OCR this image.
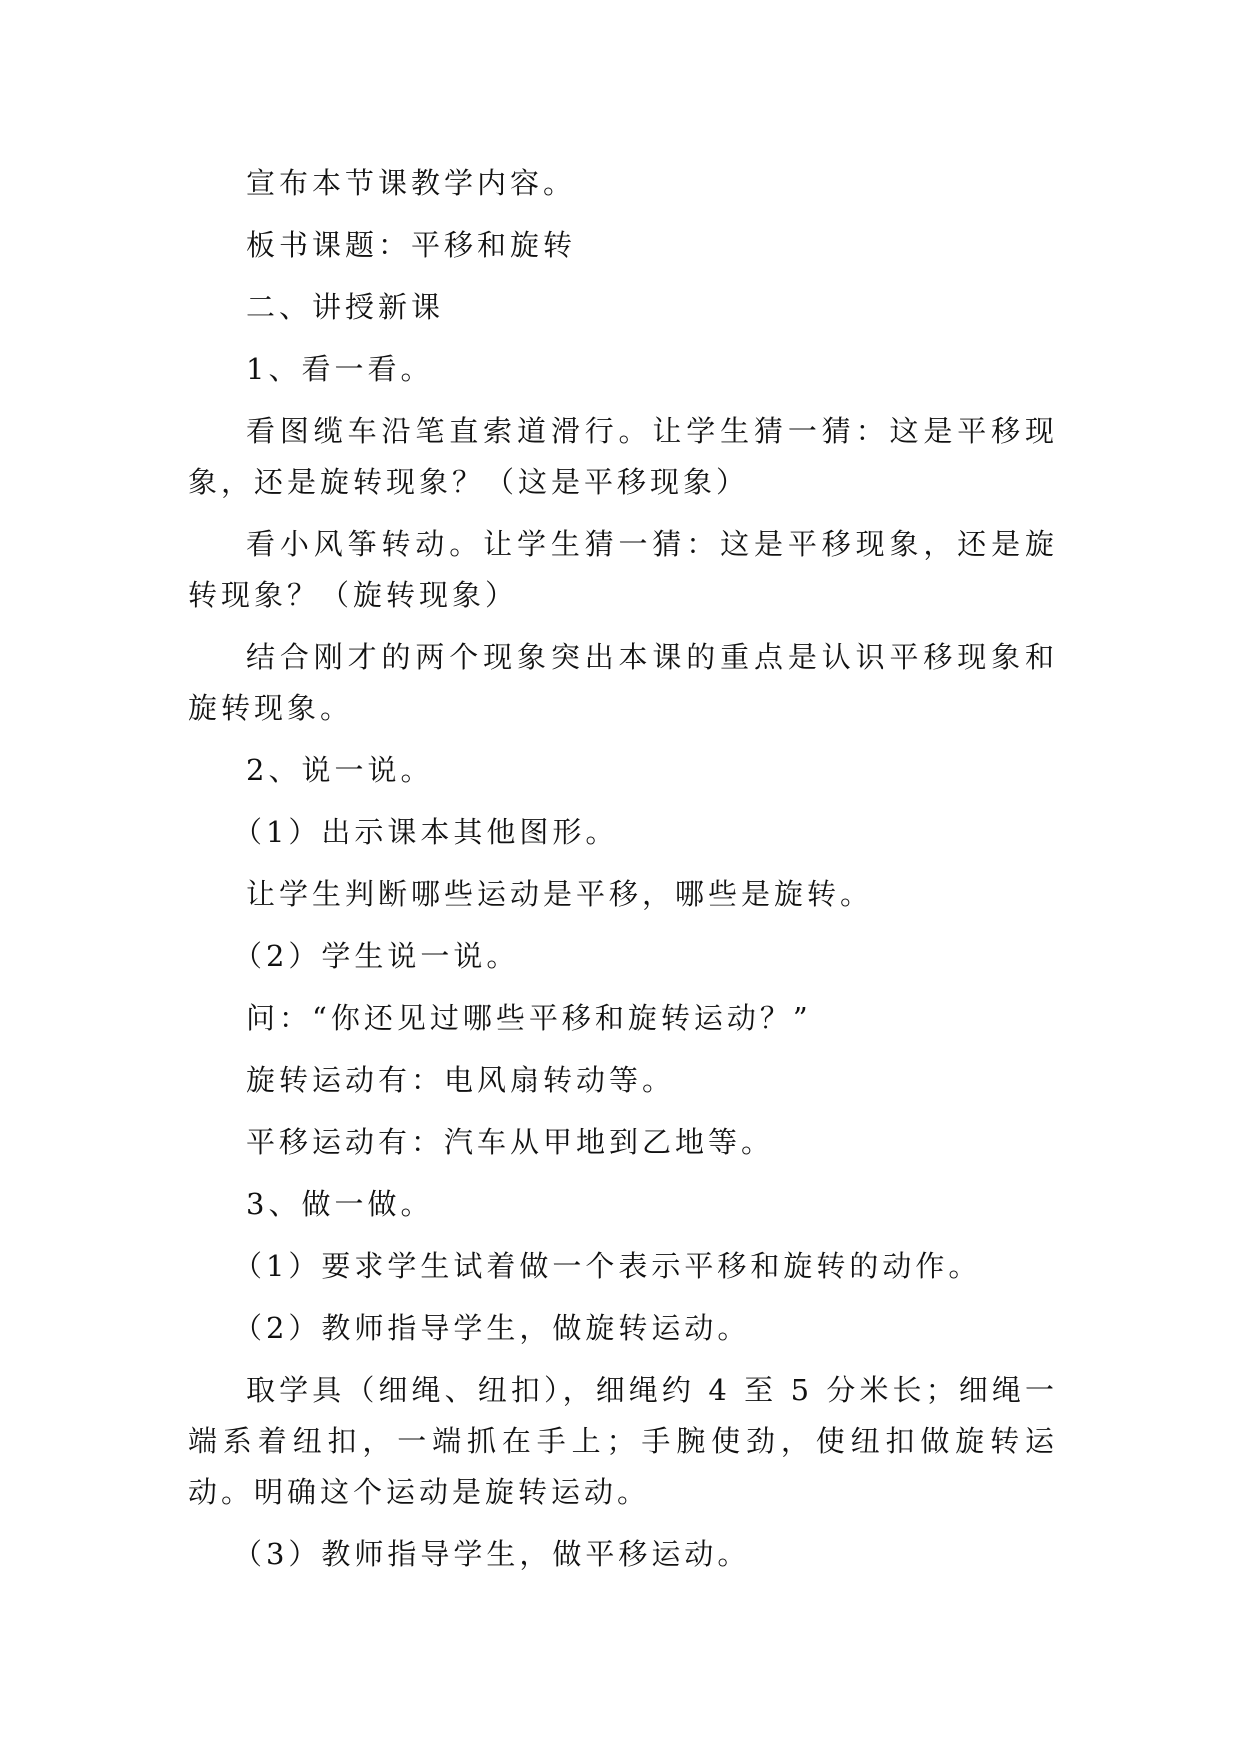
宣布本节课教学内容。

板书课题：平移和旋转

二、讲授新课

1、看一看。

看图缆车沿笔直索道滑行。让学生猜一猜：这是平移现象，还是旋转现象？（这是平移现象）

看小风筝转动。让学生猜一猜：这是平移现象，还是旋转现象？（旋转现象）

结合刚才的两个现象突出本课的重点是认识平移现象和旋转现象。

2、说一说。

（1）出示课本其他图形。

让学生判断哪些运动是平移，哪些是旋转。

（2）学生说一说。

问：“你还见过哪些平移和旋转运动？”

旋转运动有：电风扇转动等。

平移运动有：汽车从甲地到乙地等。

3、做一做。

（1）要求学生试着做一个表示平移和旋转的动作。

（2）教师指导学生，做旋转运动。

取学具（细绳、纽扣），细绳约 4 至 5 分米长；细绳一端系着纽扣，一端抓在手上；手腕使劲，使纽扣做旋转运动。明确这个运动是旋转运动。

（3）教师指导学生，做平移运动。
